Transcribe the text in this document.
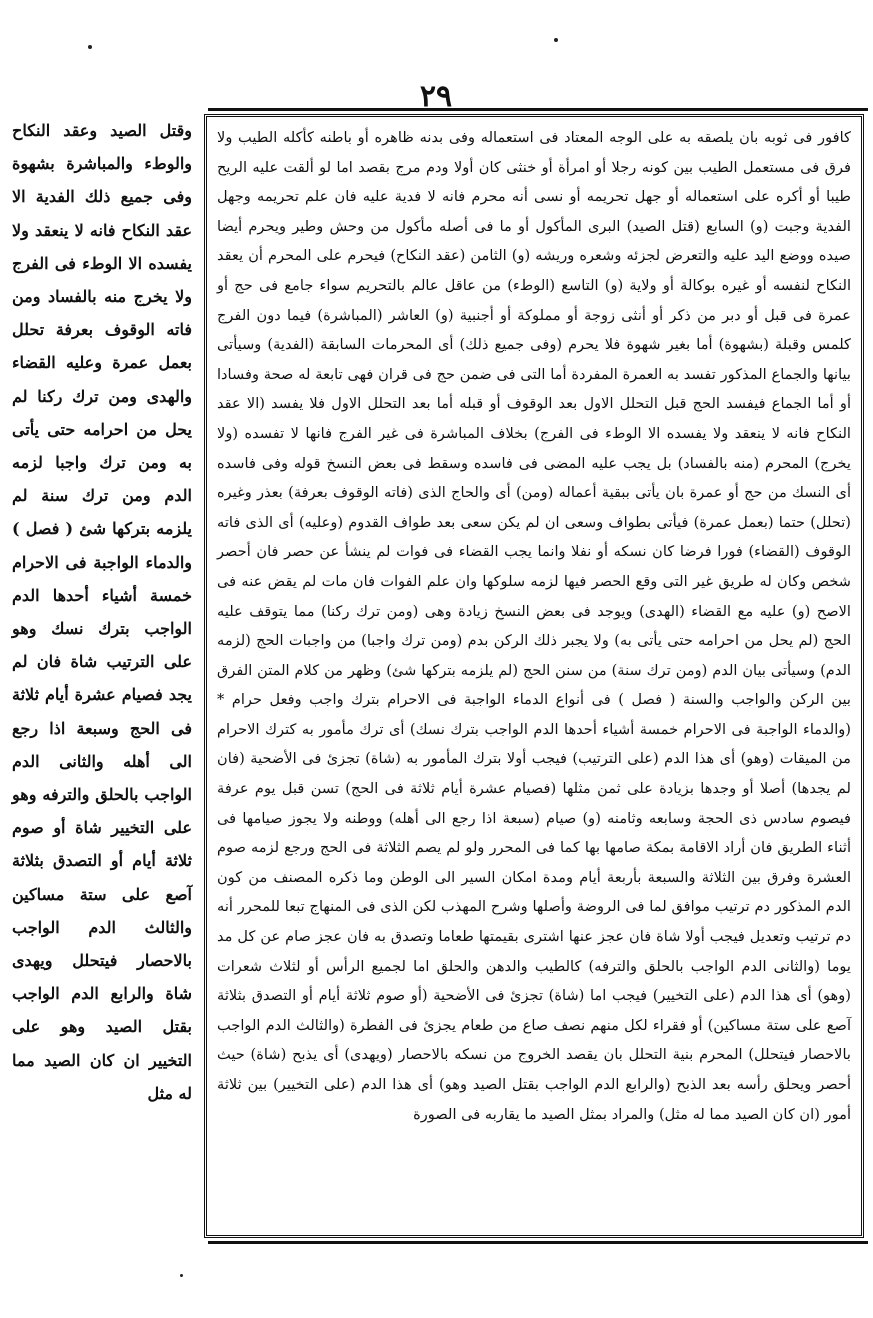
٢٩

كافور فى ثوبه بان يلصقه به على الوجه المعتاد فى استعماله وفى بدنه ظاهره أو باطنه كأكله الطيب ولا فرق فى مستعمل الطيب بين كونه رجلا أو امرأة أو خنثى كان أولا ودم مرج بقصد اما لو ألقت عليه الريح طيبا أو أكره على استعماله أو جهل تحريمه أو نسى أنه محرم فانه لا فدية عليه فان علم تحريمه وجهل الفدية وجبت (و) السابع (قتل الصيد) البرى المأكول أو ما فى أصله مأكول من وحش وطير ويحرم أيضا صيده ووضع اليد عليه والتعرض لجزئه وشعره وريشه (و) الثامن (عقد النكاح) فيحرم على المحرم أن يعقد النكاح لنفسه أو غيره بوكالة أو ولاية (و) التاسع (الوطء) من عاقل عالم بالتحريم سواء جامع فى حج أو عمرة فى قبل أو دبر من ذكر أو أنثى زوجة أو مملوكة أو أجنبية (و) العاشر (المباشرة) فيما دون الفرج كلمس وقبلة (بشهوة) أما بغير شهوة فلا يحرم (وفى جميع ذلك) أى المحرمات السابقة (الفدية) وسيأتى بيانها والجماع المذكور تفسد به العمرة المفردة أما التى فى ضمن حج فى قران فهى تابعة له صحة وفسادا أو أما الجماع فيفسد الحج قبل التحلل الاول بعد الوقوف أو قبله أما بعد التحلل الاول فلا يفسد (الا عقد النكاح فانه لا ينعقد ولا يفسده الا الوطء فى الفرج) بخلاف المباشرة فى غير الفرج فانها لا تفسده (ولا يخرج) المحرم (منه بالفساد) بل يجب عليه المضى فى فاسده وسقط فى بعض النسخ قوله وفى فاسده أى النسك من حج أو عمرة بان يأتى ببقية أعماله (ومن) أى والحاج الذى (فاته الوقوف بعرفة) بعذر وغيره (تحلل) حتما (بعمل عمرة) فيأتى بطواف وسعى ان لم يكن سعى بعد طواف القدوم (وعليه) أى الذى فاته الوقوف (القضاء) فورا فرضا كان نسكه أو نفلا وانما يجب القضاء فى فوات لم ينشأ عن حصر فان أحصر شخص وكان له طريق غير التى وقع الحصر فيها لزمه سلوكها وان علم الفوات فان مات لم يقض عنه فى الاصح (و) عليه مع القضاء (الهدى) ويوجد فى بعض النسخ زيادة وهى (ومن ترك ركنا) مما يتوقف عليه الحج (لم يحل من احرامه حتى يأتى به) ولا يجبر ذلك الركن بدم (ومن ترك واجبا) من واجبات الحج (لزمه الدم) وسيأتى بيان الدم (ومن ترك سنة) من سنن الحج (لم يلزمه بتركها شئ) وظهر من كلام المتن الفرق بين الركن والواجب والسنة ( فصل ) فى أنواع الدماء الواجبة فى الاحرام بترك واجب وفعل حرام * (والدماء الواجبة فى الاحرام خمسة أشياء أحدها الدم الواجب بترك نسك) أى ترك مأمور به كترك الاحرام من الميقات (وهو) أى هذا الدم (على الترتيب) فيجب أولا بترك المأمور به (شاة) تجزئ فى الأضحية (فان لم يجدها) أصلا أو وجدها بزيادة على ثمن مثلها (فصيام عشرة أيام ثلاثة فى الحج) تسن قبل يوم عرفة فيصوم سادس ذى الحجة وسابعه وثامنه (و) صيام (سبعة اذا رجع الى أهله) ووطنه ولا يجوز صيامها فى أثناء الطريق فان أراد الاقامة بمكة صامها بها كما فى المحرر ولو لم يصم الثلاثة فى الحج ورجع لزمه صوم العشرة وفرق بين الثلاثة والسبعة بأربعة أيام ومدة امكان السير الى الوطن وما ذكره المصنف من كون الدم المذكور دم ترتيب موافق لما فى الروضة وأصلها وشرح المهذب لكن الذى فى المنهاج تبعا للمحرر أنه دم ترتيب وتعديل فيجب أولا شاة فان عجز عنها اشترى بقيمتها طعاما وتصدق به فان عجز صام عن كل مد يوما (والثانى الدم الواجب بالحلق والترفه) كالطيب والدهن والحلق اما لجميع الرأس أو لثلاث شعرات (وهو) أى هذا الدم (على التخيير) فيجب اما (شاة) تجزئ فى الأضحية (أو صوم ثلاثة أيام أو التصدق بثلاثة آصع على ستة مساكين) أو فقراء لكل منهم نصف صاع من طعام يجزئ فى الفطرة (والثالث الدم الواجب بالاحصار فيتحلل) المحرم بنية التحلل بان يقصد الخروج من نسكه بالاحصار (ويهدى) أى يذبح (شاة) حيث أحصر ويحلق رأسه بعد الذبح (والرابع الدم الواجب بقتل الصيد وهو) أى هذا الدم (على التخيير) بين ثلاثة أمور (ان كان الصيد مما له مثل) والمراد بمثل الصيد ما يقاربه فى الصورة

وقتل الصيد وعقد النكاح والوطء والمباشرة بشهوة وفى جميع ذلك الفدية الا عقد النكاح فانه لا ينعقد ولا يفسده الا الوطء فى الفرج ولا يخرج منه بالفساد ومن فاته الوقوف بعرفة تحلل بعمل عمرة وعليه القضاء والهدى ومن ترك ركنا لم يحل من احرامه حتى يأتى به ومن ترك واجبا لزمه الدم ومن ترك سنة لم يلزمه بتركها شئ ( فصل ) والدماء الواجبة فى الاحرام خمسة أشياء أحدها الدم الواجب بترك نسك وهو على الترتيب شاة فان لم يجد فصيام عشرة أيام ثلاثة فى الحج وسبعة اذا رجع الى أهله والثانى الدم الواجب بالحلق والترفه وهو على التخيير شاة أو صوم ثلاثة أيام أو التصدق بثلاثة آصع على ستة مساكين والثالث الدم الواجب بالاحصار فيتحلل ويهدى شاة والرابع الدم الواجب بقتل الصيد وهو على التخيير ان كان الصيد مما له مثل
